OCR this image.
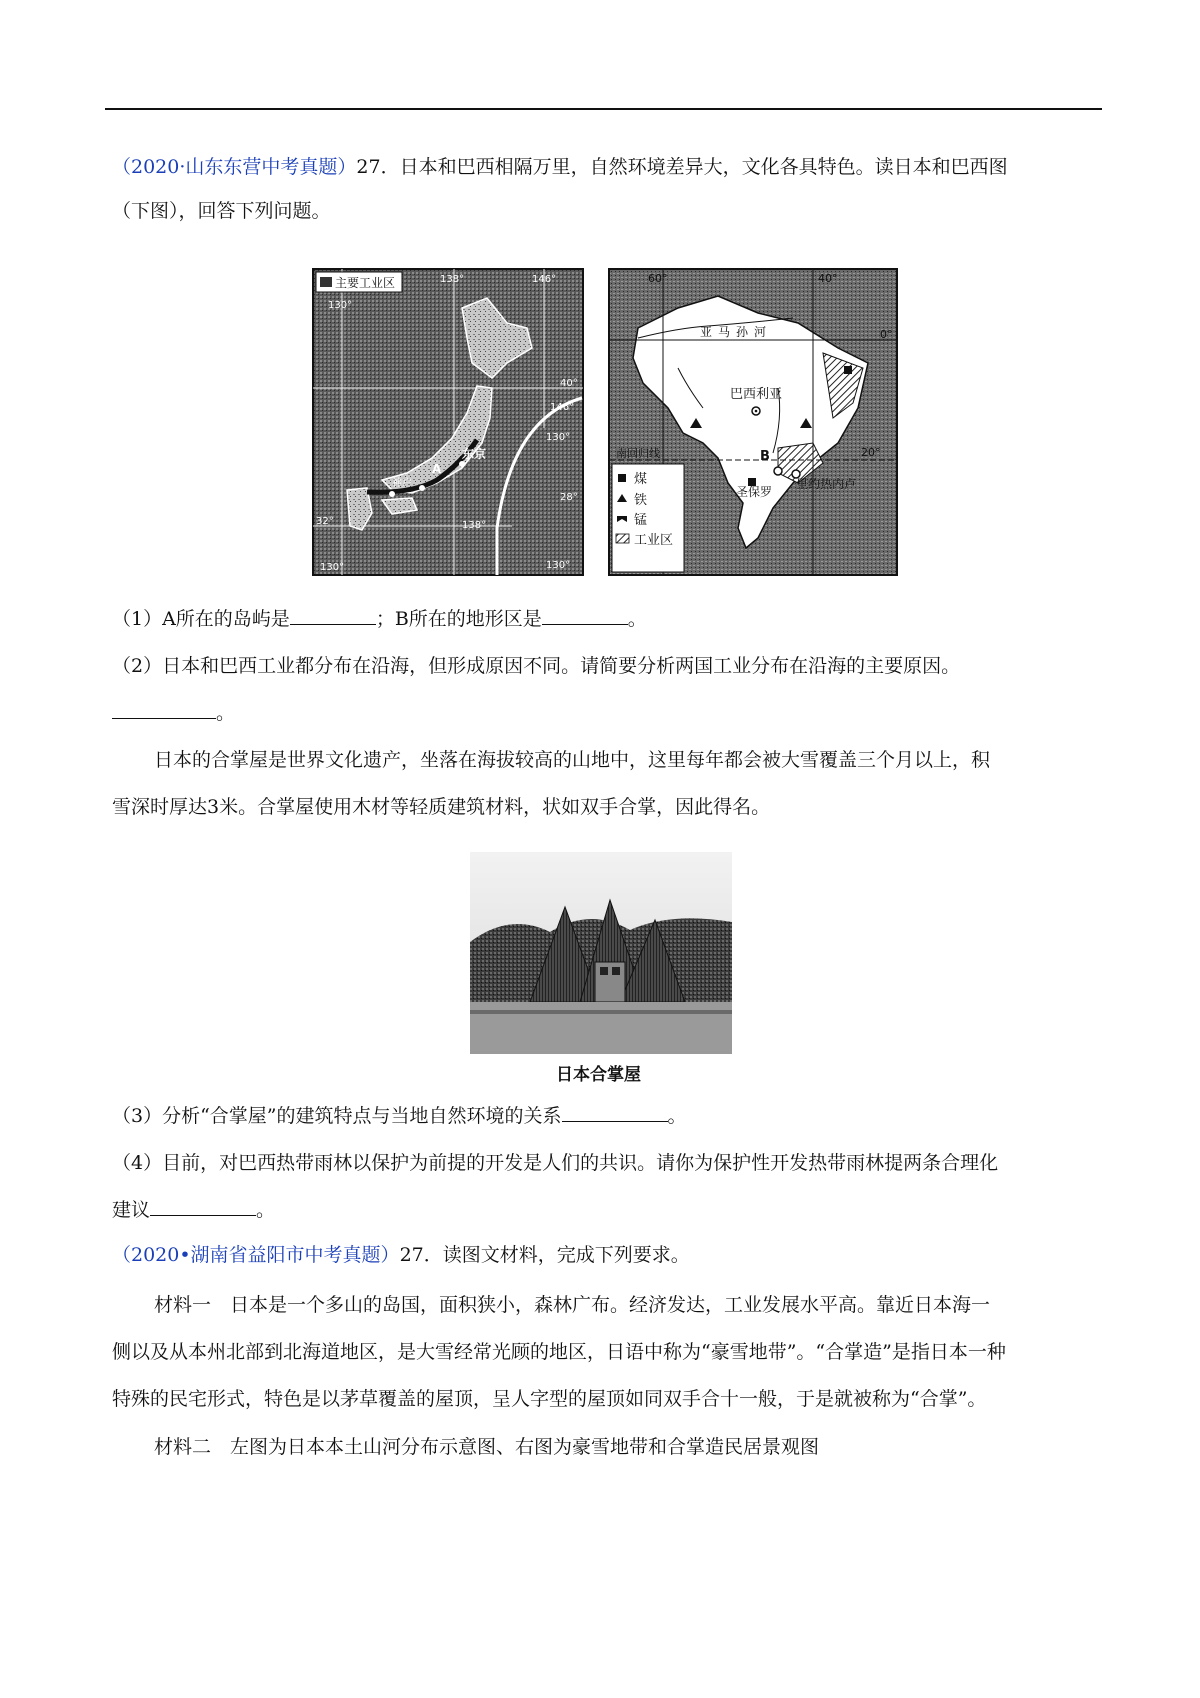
（2020·山东东营中考真题）27．日本和巴西相隔万里，自然环境差异大，文化各具特色。读日本和巴西图
（下图），回答下列问题。
主要工业区
130°
138°	146°
40°
146°
138°
32°
130°
130°
28°
130°
东京
神户
A
煤
铁
锰
工业区
60°	40°
0°
亚马孙河
巴西利亚
南回归线	B	20°
圣保罗
里约热内卢
（1）A所在的岛屿是	；B所在的地形区是	。
（2）日本和巴西工业都分布在沿海，但形成原因不同。请简要分析两国工业分布在沿海的主要原因。
。
日本的合掌屋是世界文化遗产，坐落在海拔较高的山地中，这里每年都会被大雪覆盖三个月以上，积
雪深时厚达3米。合掌屋使用木材等轻质建筑材料，状如双手合掌，因此得名。
日本合掌屋
（3）分析“合掌屋”的建筑特点与当地自然环境的关系	。
（4）目前，对巴西热带雨林以保护为前提的开发是人们的共识。请你为保护性开发热带雨林提两条合理化
建议	。
（2020•湖南省益阳市中考真题）27．读图文材料，完成下列要求。
材料一　日本是一个多山的岛国，面积狭小，森林广布。经济发达，工业发展水平高。靠近日本海一
侧以及从本州北部到北海道地区，是大雪经常光顾的地区，日语中称为“豪雪地带”。“合掌造”是指日本一种
特殊的民宅形式，特色是以茅草覆盖的屋顶，呈人字型的屋顶如同双手合十一般，于是就被称为“合掌”。
材料二　左图为日本本土山河分布示意图、右图为豪雪地带和合掌造民居景观图
